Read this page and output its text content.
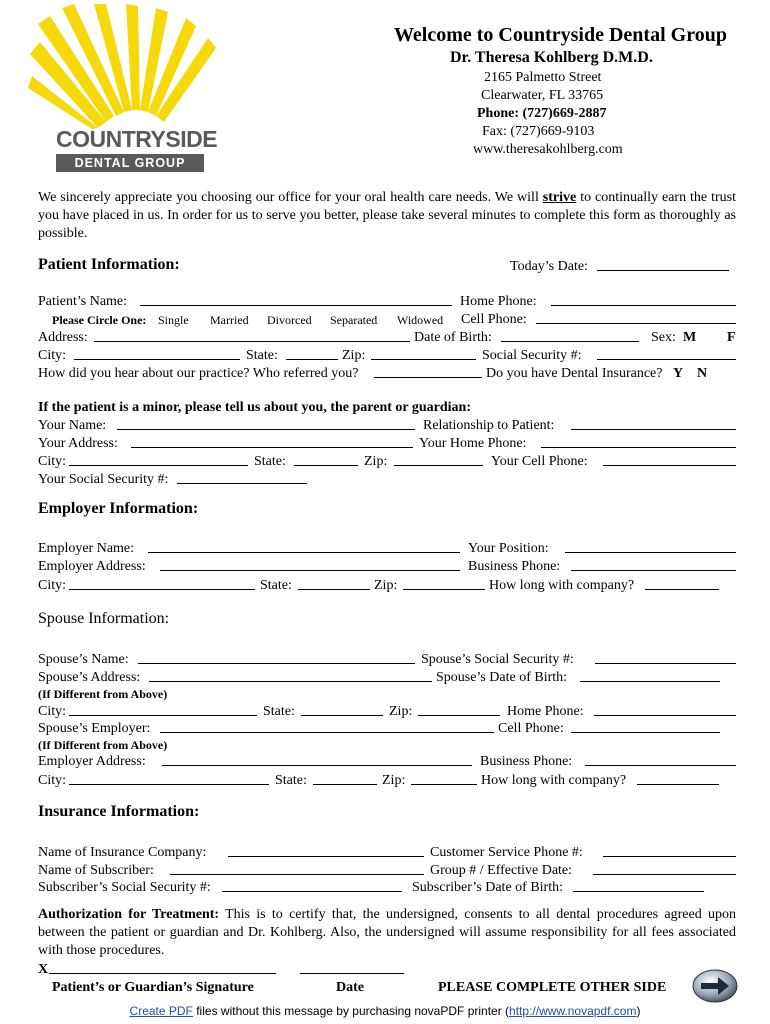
COUNTRYSIDE
DENTAL GROUP
Welcome to Countryside Dental Group
Dr. Theresa Kohlberg D.M.D.
2165 Palmetto Street
Clearwater, FL 33765
Phone: (727)669-2887
Fax: (727)669-9103
www.theresakohlberg.com
We sincerely appreciate you choosing our office for your oral health care needs. We will strive to continually earn the trust you have placed in us. In order for us to serve you better, please take several minutes to complete this form as thoroughly as possible.
Patient Information:	Today’s Date:
Patient’s Name:	Home Phone:
Please Circle One: Single Married Divorced Separated Widowed Cell Phone:
Address:	Date of Birth:	Sex: M F
City:	State:	Zip:	Social Security #:
How did you hear about our practice? Who referred you?	Do you have Dental Insurance? Y N
If the patient is a minor, please tell us about you, the parent or guardian:
Your Name:	Relationship to Patient:
Your Address:	Your Home Phone:
City:	State:	Zip:	Your Cell Phone:
Your Social Security #:
Employer Information:
Employer Name:	Your Position:
Employer Address:	Business Phone:
City:	State:	Zip:	How long with company?
Spouse Information:
Spouse’s Name:	Spouse’s Social Security #:
Spouse’s Address:	Spouse’s Date of Birth:
(If Different from Above)
City:	State:	Zip:	Home Phone:
Spouse’s Employer:	Cell Phone:
(If Different from Above)
Employer Address:	Business Phone:
City:	State:	Zip:	How long with company?
Insurance Information:
Name of Insurance Company:	Customer Service Phone #:
Name of Subscriber:	Group # / Effective Date:
Subscriber’s Social Security #:	Subscriber’s Date of Birth:
Authorization for Treatment: This is to certify that, the undersigned, consents to all dental procedures agreed upon between the patient or guardian and Dr. Kohlberg. Also, the undersigned will assume responsibility for all fees associated with those procedures.
X
Patient’s or Guardian’s Signature	Date	PLEASE COMPLETE OTHER SIDE
Create PDF files without this message by purchasing novaPDF printer (http://www.novapdf.com)
